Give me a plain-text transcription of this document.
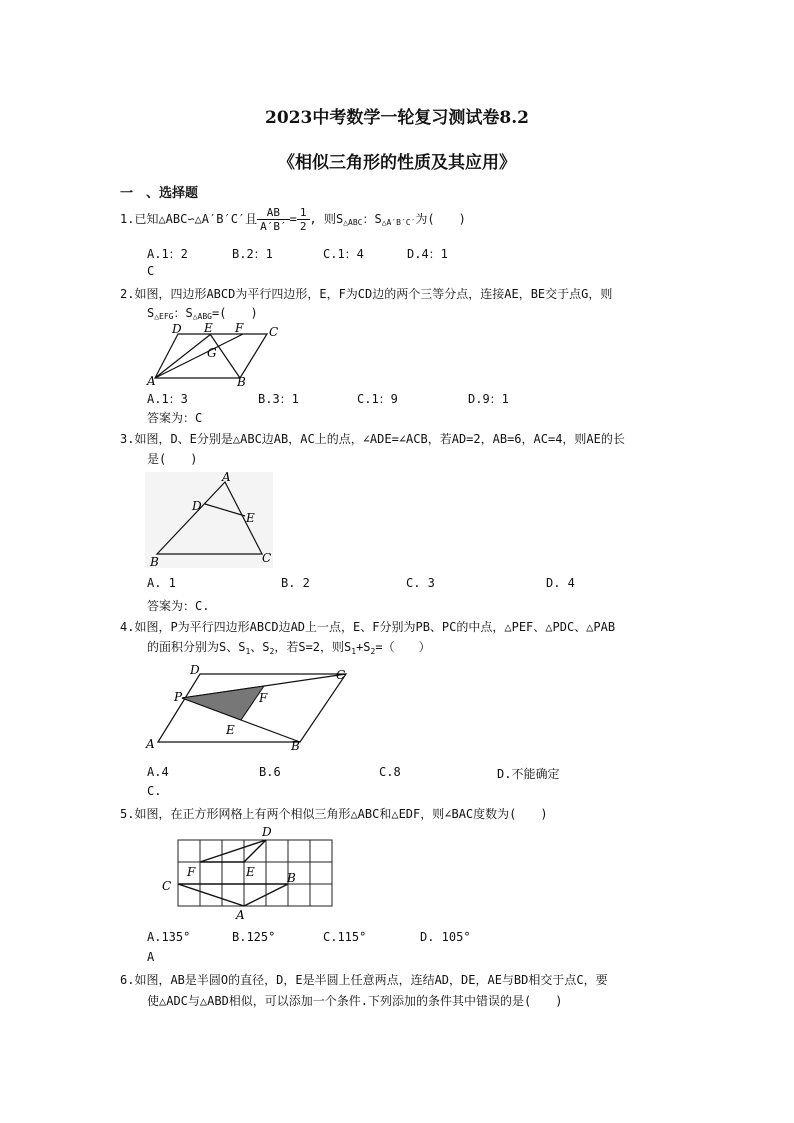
2023中考数学一轮复习测试卷8.2
《相似三角形的性质及其应用》
一　、选择题
1.已知△ABC∽△A′B′C′且 $\frac{AB}{A'B'} = \frac{1}{2}$ , 则$S_{\triangle ABC}$：$S_{\triangle A'B'C'}$为(　　)
A.1：2	B.2：1	C.1：4	D.4：1
C
2.如图，四边形ABCD为平行四边形，E，F为CD边的两个三等分点，连接AE，BE交于点G，则
$S_{\triangle EFG}$：$S_{\triangle ABG}=$(　　)
D E F C
G
A	B
A.1：3	B.3：1	C.1：9	D.9：1
答案为：C
3.如图，D、E分别是△ABC边AB，AC上的点，∠ADE=∠ACB，若AD=2，AB=6，AC=4，则AE的长
是(　　)
A
D
E
B	C
A. 1	B. 2	C. 3	D. 4
答案为：C.
4.如图，P为平行四边形ABCD边AD上一点，E、F分别为PB、PC的中点，△PEF、△PDC、△PAB
的面积分别为S、$S_1$、$S_2$，若S=2，则$S_1+S_2=$（　　）
D	C
P	F
E
A	B
A.4	B.6	C.8	D.不能确定
C.
5.如图，在正方形网格上有两个相似三角形△ABC和△EDF，则∠BAC度数为(　　)
D
F	E	B
C
A
A.135°	B.125°	C.115°	D. 105°
A
6.如图，AB是半圆O的直径，D，E是半圆上任意两点，连结AD，DE，AE与BD相交于点C，要
使△ADC与△ABD相似，可以添加一个条件.下列添加的条件其中错误的是(　　)
